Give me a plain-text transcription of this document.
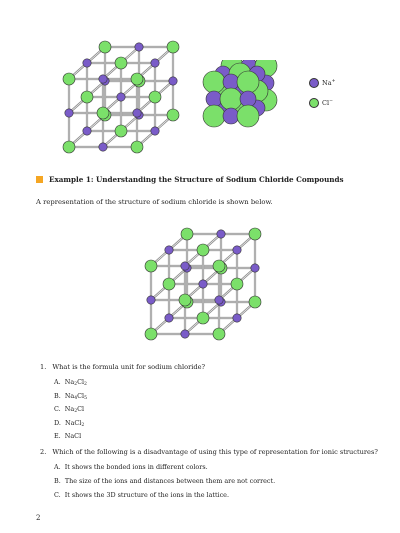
Na+
Cl−
Example 1: Understanding the Structure of Sodium Chloride Compounds
A representation of the structure of sodium chloride is shown below.
1. What is the formula unit for sodium chloride?
A. $Na_2Cl_2$
B. $Na_4Cl_5$
C. $Na_2Cl$
D. NaCl$_2$
E. NaCl
2. Which of the following is a disadvantage of using this type of representation for ionic structures?
A. It shows the bonded ions in different colors.
B. The size of the ions and distances between them are not correct.
C. It shows the 3D structure of the ions in the lattice.
2
